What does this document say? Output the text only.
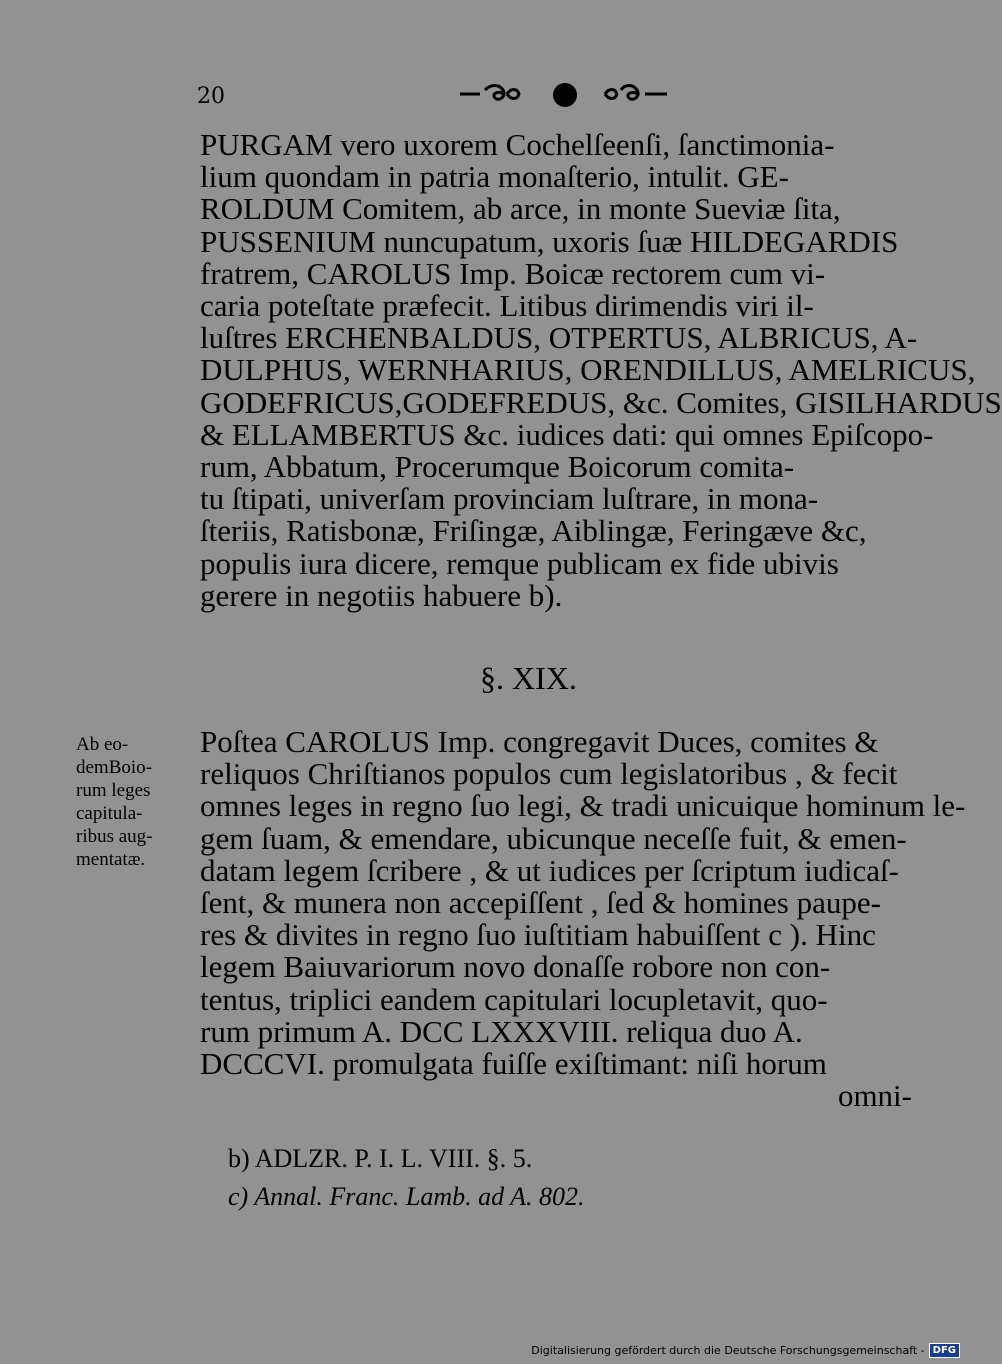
20
PURGAM vero uxorem Cochelſeenſi, ſanctimonia-
lium quondam in patria monaſterio, intulit. GE-
ROLDUM Comitem, ab arce, in monte Sueviæ ſita,
PUSSENIUM nuncupatum, uxoris ſuæ HILDEGARDIS
fratrem, CAROLUS Imp. Boicæ rectorem cum vi-
caria poteſtate præfecit. Litibus dirimendis viri il-
luſtres ERCHENBALDUS, OTPERTUS, ALBRICUS, A-
DULPHUS, WERNHARIUS, ORENDILLUS, AMELRICUS,
GODEFRICUS,GODEFREDUS, &c. Comites, GISILHARDUS
& ELLAMBERTUS &c. iudices dati: qui omnes Epiſcopo-
rum, Abbatum, Procerumque Boicorum comita-
tu ſtipati, univerſam provinciam luſtrare, in mona-
ſteriis, Ratisbonæ, Friſingæ, Aiblingæ, Feringæve &c,
populis iura dicere, remque publicam ex fide ubivis
gerere in negotiis habuere b).
§. XIX.
Ab eo-
demBoio-
rum leges
capitula-
ribus aug-
mentatæ.
Poſtea CAROLUS Imp. congregavit Duces, comites &
reliquos Chriſtianos populos cum legislatoribus , & fecit
omnes leges in regno ſuo legi, & tradi unicuique hominum le-
gem ſuam, & emendare, ubicunque neceſſe fuit, & emen-
datam legem ſcribere , & ut iudices per ſcriptum iudicaſ-
ſent, & munera non accepiſſent , ſed & homines paupe-
res & divites in regno ſuo iuſtitiam habuiſſent c ). Hinc
legem Baiuvariorum novo donaſſe robore non con-
tentus, triplici eandem capitulari locupletavit, quo-
rum primum A. DCC LXXXVIII. reliqua duo A.
DCCCVI. promulgata fuiſſe exiſtimant: niſi horum
omni-
b) ADLZR. P. I. L. VIII. §. 5.
c) Annal. Franc. Lamb. ad A. 802.
Digitalisierung gefördert durch die Deutsche Forschungsgemeinschaft - DFG
